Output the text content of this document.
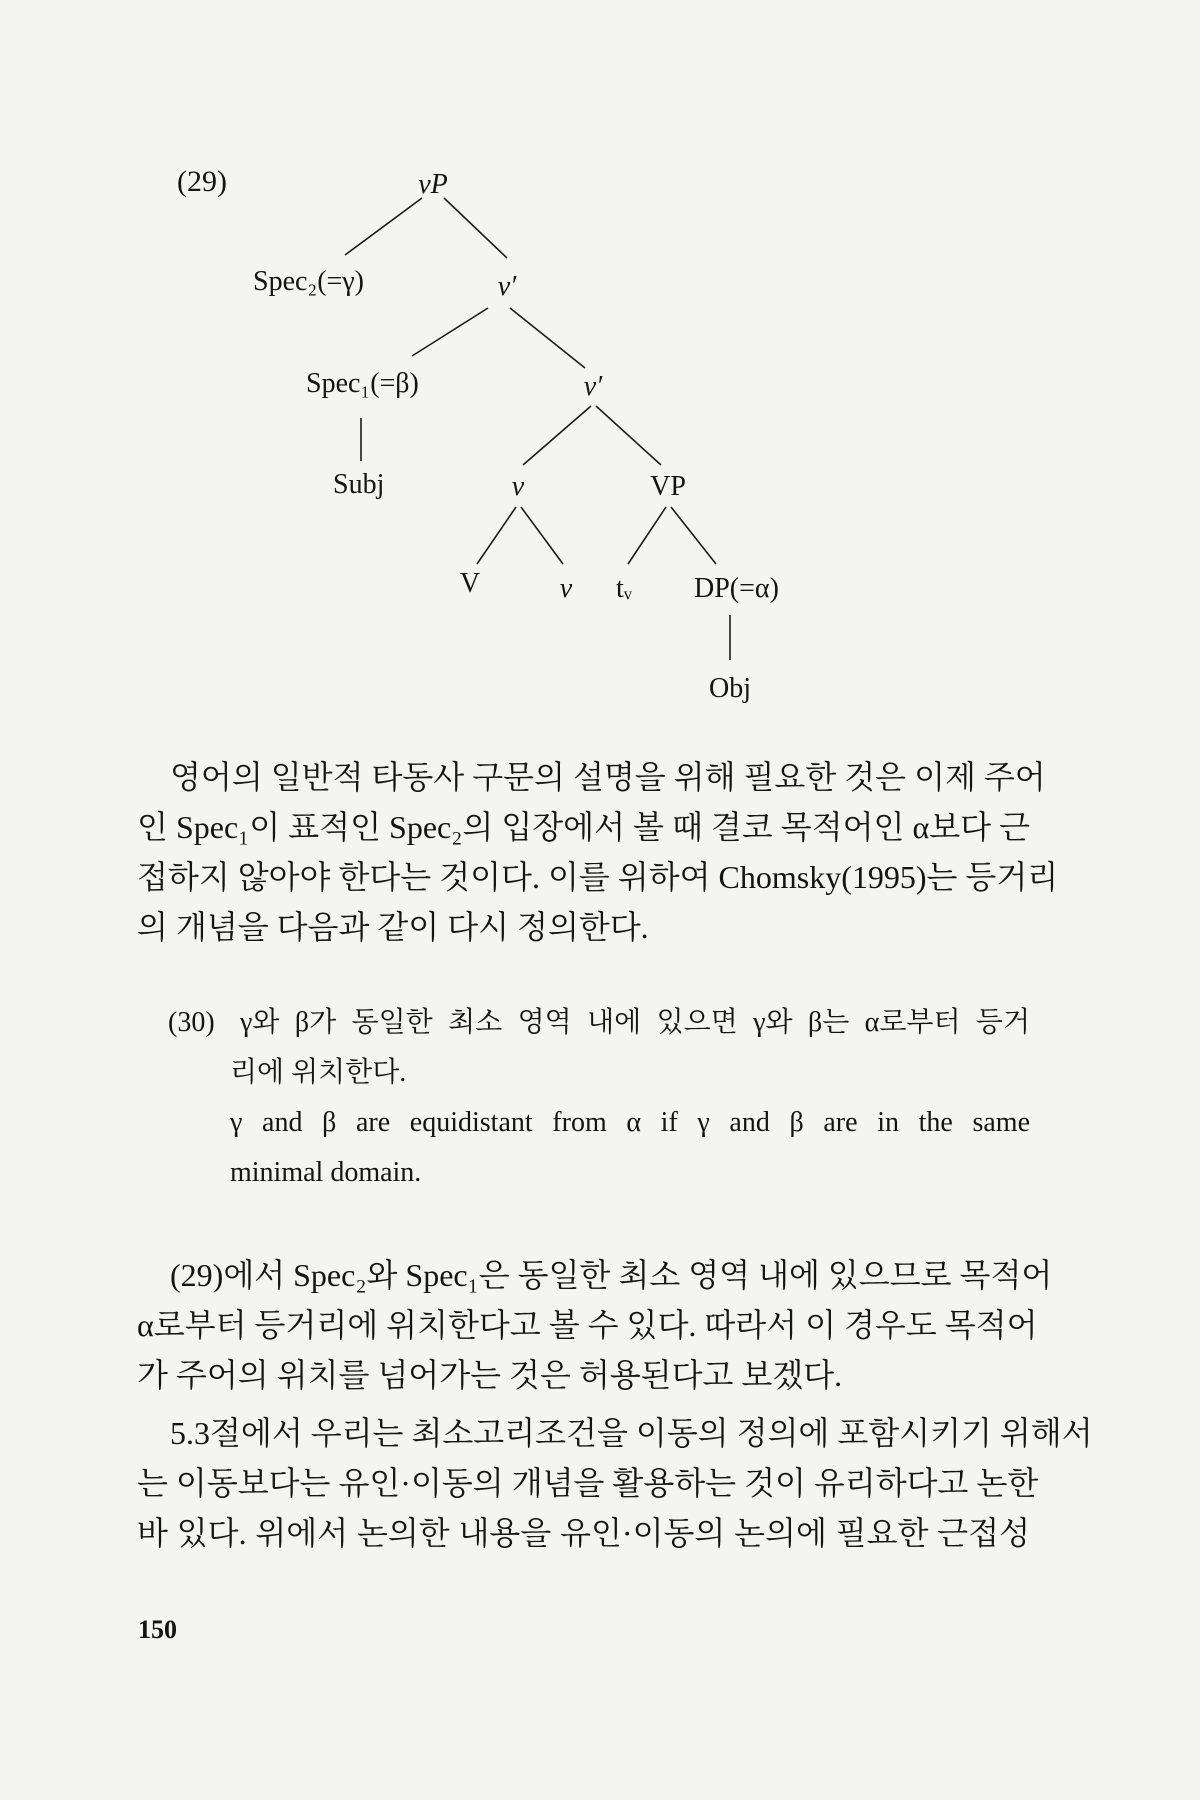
(29)	vP
Spec₂(=γ)	v′
Spec₁(=β)	v′
Subj	v	VP
V	v tᵥ DP(=α)
Obj
영어의 일반적 타동사 구문의 설명을 위해 필요한 것은 이제 주어
인 Spec₁이 표적인 Spec₂의 입장에서 볼 때 결코 목적어인 α보다 근
접하지 않아야 한다는 것이다. 이를 위하여 Chomsky(1995)는 등거리
의 개념을 다음과 같이 다시 정의한다.
(30) γ와 β가 동일한 최소 영역 내에 있으면 γ와 β는 α로부터 등거
리에 위치한다.
γ and β are equidistant from α if γ and β are in the same
minimal domain.
(29)에서 Spec₂와 Spec₁은 동일한 최소 영역 내에 있으므로 목적어
α로부터 등거리에 위치한다고 볼 수 있다. 따라서 이 경우도 목적어
가 주어의 위치를 넘어가는 것은 허용된다고 보겠다.
5.3절에서 우리는 최소고리조건을 이동의 정의에 포함시키기 위해서
는 이동보다는 유인·이동의 개념을 활용하는 것이 유리하다고 논한
바 있다. 위에서 논의한 내용을 유인·이동의 논의에 필요한 근접성
150
